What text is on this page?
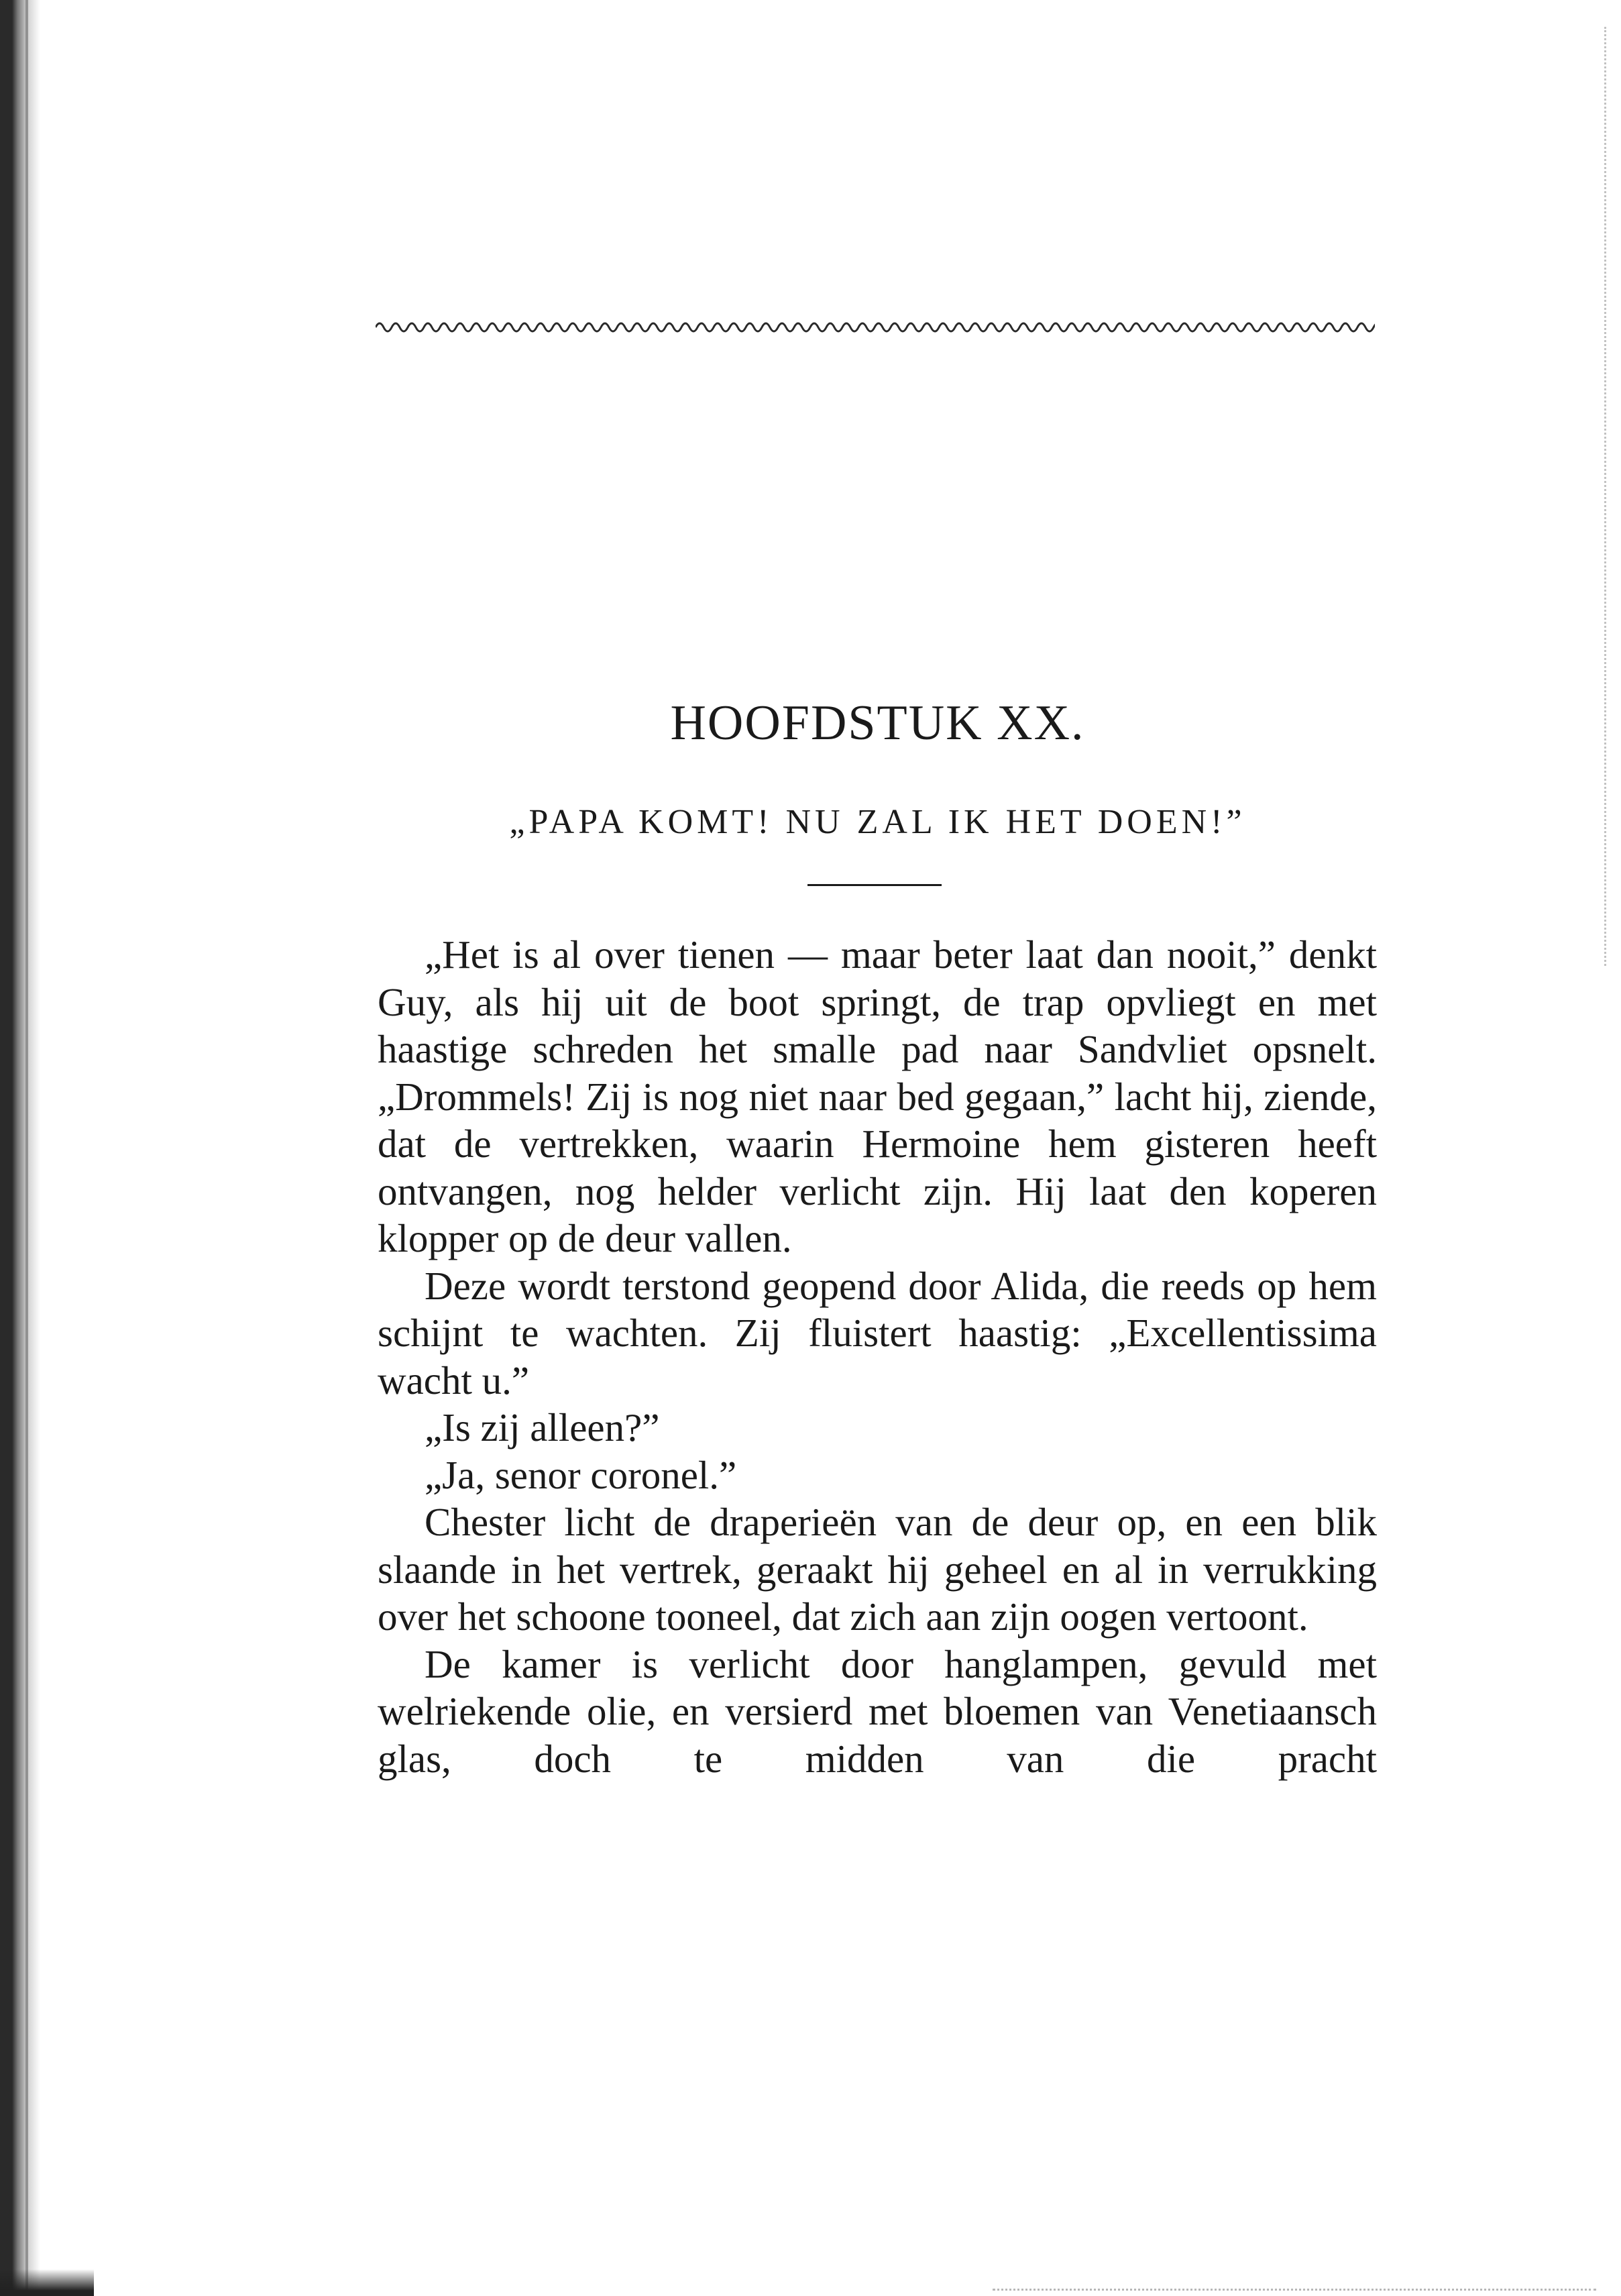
HOOFDSTUK XX.
„PAPA KOMT! NU ZAL IK HET DOEN!”

„Het is al over tienen — maar beter laat dan nooit,” denkt Guy, als hij uit de boot springt, de trap opvliegt en met haastige schreden het smalle pad naar Sandvliet opsnelt. „Drommels! Zij is nog niet naar bed gegaan,” lacht hij, ziende, dat de vertrekken, waarin Hermoine hem gisteren heeft ontvangen, nog helder verlicht zijn. Hij laat den koperen klopper op de deur vallen.

Deze wordt terstond geopend door Alida, die reeds op hem schijnt te wachten. Zij fluistert haastig: „Excellentissima wacht u.”

„Is zij alleen?”

„Ja, senor coronel.”

Chester licht de draperieën van de deur op, en een blik slaande in het vertrek, geraakt hij geheel en al in verrukking over het schoone tooneel, dat zich aan zijn oogen vertoont.

De kamer is verlicht door hanglampen, gevuld met welriekende olie, en versierd met bloemen van Venetiaansch glas, doch te midden van die pracht
